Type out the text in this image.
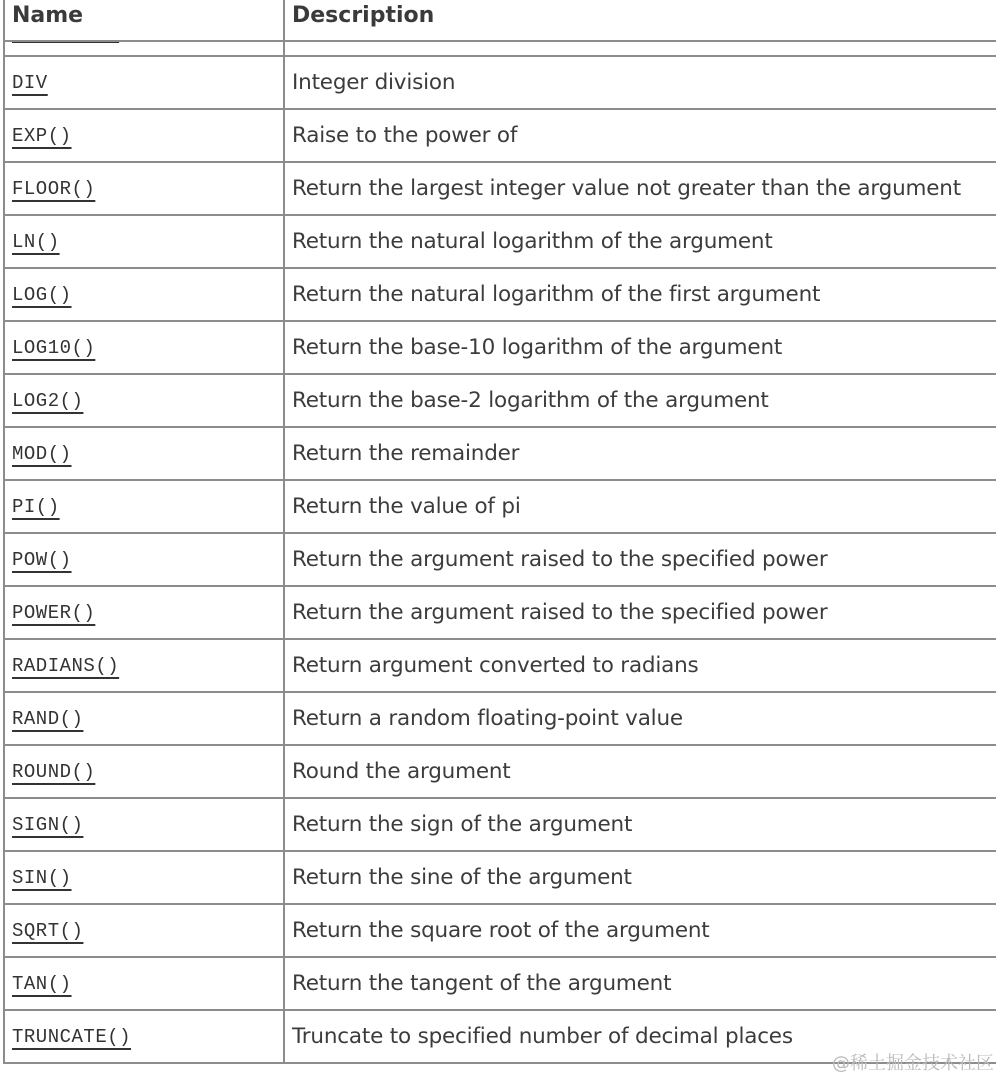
Name	Description

DIV	Integer division
EXP()	Raise to the power of
FLOOR()	Return the largest integer value not greater than the argument
LN()	Return the natural logarithm of the argument
LOG()	Return the natural logarithm of the first argument
LOG10()	Return the base-10 logarithm of the argument
LOG2()	Return the base-2 logarithm of the argument
MOD()	Return the remainder
PI()	Return the value of pi
POW()	Return the argument raised to the specified power
POWER()	Return the argument raised to the specified power
RADIANS()	Return argument converted to radians
RAND()	Return a random floating-point value
ROUND()	Round the argument
SIGN()	Return the sign of the argument
SIN()	Return the sine of the argument
SQRT()	Return the square root of the argument
TAN()	Return the tangent of the argument
TRUNCATE()	Truncate to specified number of decimal places
@稀土掘金技术社区
